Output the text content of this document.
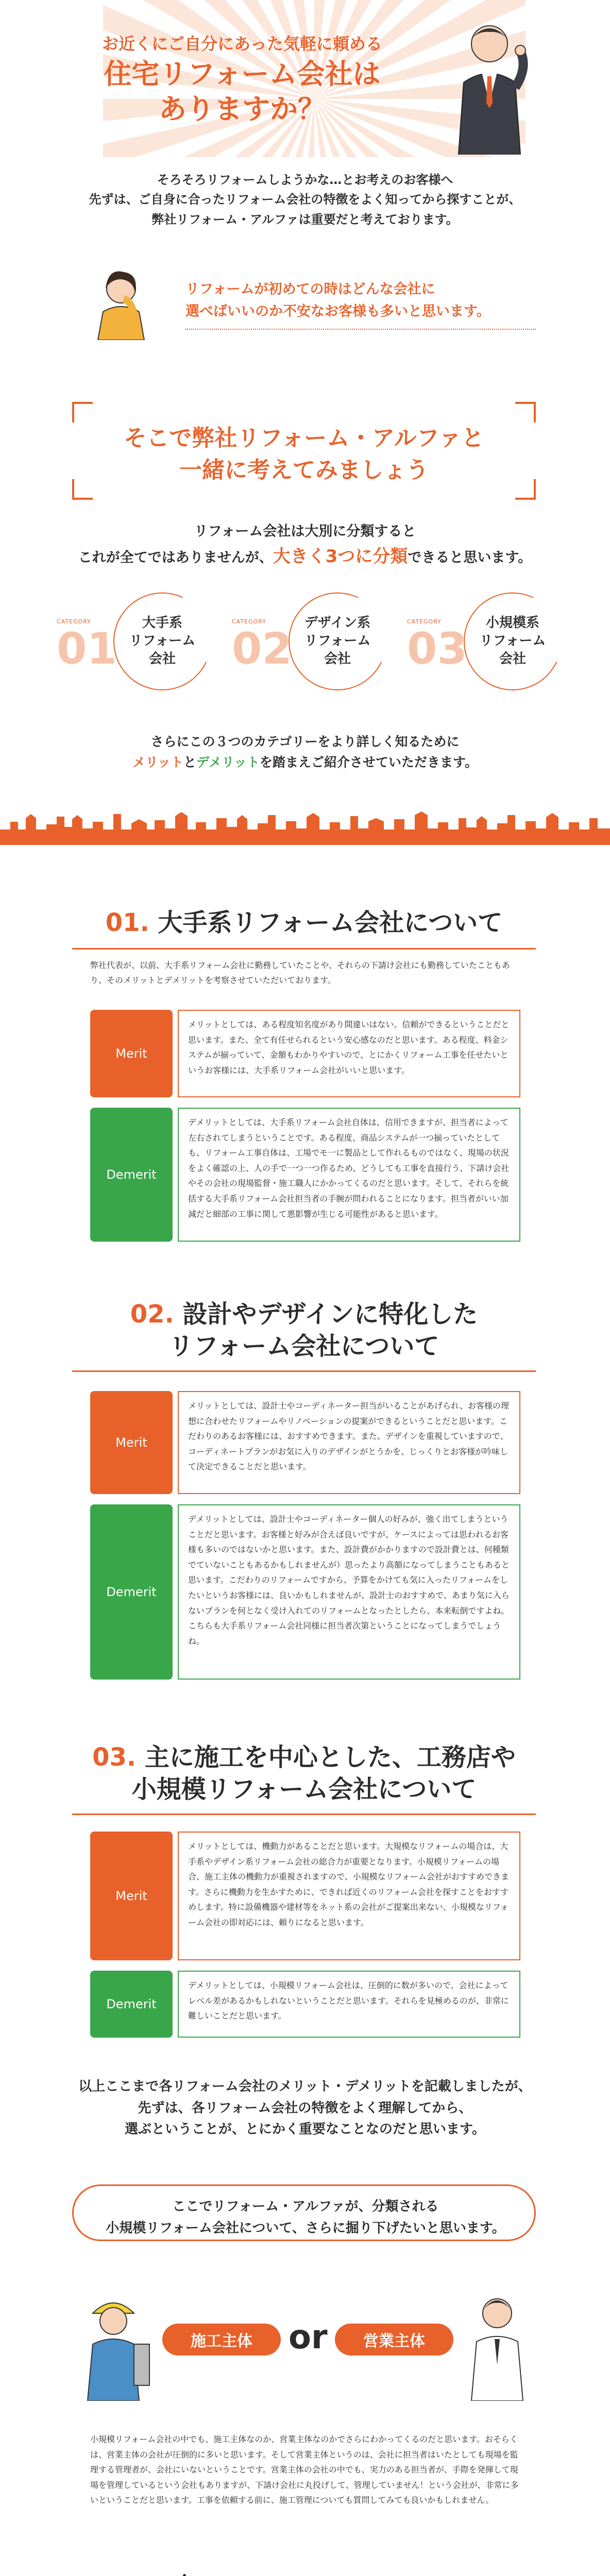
お近くにご自分にあった気軽に頼める
住宅リフォーム会社は
ありますか？
そろそろリフォームしようかな…とお考えのお客様へ
先ずは、ご自身に合ったリフォーム会社の特徴をよく知ってから探すことが、
弊社リフォーム・アルファは重要だと考えております。
リフォームが初めての時はどんな会社に
選べばいいのか不安なお客様も多いと思います。
そこで弊社リフォーム・アルファと
一緒に考えてみましょう
リフォーム会社は大別に分類すると
これが全てではありませんが、大きく3つに分類できると思います。
CATEGORY
01
大手系
リフォーム
会社
CATEGORY
02
デザイン系
リフォーム
会社
CATEGORY
03
小規模系
リフォーム
会社
さらにこの３つのカテゴリーをより詳しく知るために
メリットとデメリットを踏まえご紹介させていただきます。
01. 大手系リフォーム会社について
弊社代表が、以前、大手系リフォーム会社に勤務していたことや、それらの下請け会社にも勤務していたこともあり、そのメリットとデメリットを考察させていただいております。
Merit
メリットとしては、ある程度知名度があり間違いはない。信頼ができるということだと思います。また、全て有任せられるという安心感なのだと思います。ある程度、料金システムが揃っていて、金額もわかりやすいので、とにかくリフォーム工事を任せたいというお客様には、大手系リフォーム会社がいいと思います。
Demerit
デメリットとしては、大手系リフォーム会社自体は、信用できますが、担当者によって左右されてしまうということです。ある程度、商品システムが一つ揃っていたとしても、リフォーム工事自体は、工場でモ一に製品として作れるものではなく、現場の状況をよく確認の上、人の手で一つ一つ作るため、どうしても工事を直接行う、下請け会社やその会社の現場監督・施工職人にかかってくるのだと思います。そして、それらを統括する大手系リフォーム会社担当者の手腕が問われることになります。担当者がいい加減だと細部の工事に関して悪影響が生じる可能性があると思います。
02. 設計やデザインに特化した
リフォーム会社について
Merit
メリットとしては、設計士やコーディネーター担当がいることがあげられ、お客様の理想に合わせたリフォームやリノベーションの提案ができるということだと思います。こだわりのあるお客様には、おすすめできます。また、デザインを重視していますので、コーディネートプランがお気に入りのデザインがとうかを、じっくりとお客様が吟味して決定できることだと思います。
Demerit
デメリットとしては、設計士やコーディネーター個人の好みが、強く出てしまうということだと思います。お客様と好みが合えば良いですが、ケースによっては思われるお客様も多いのではないかと思います。また、設計費がかかりますので設計費とは、何種類でていないこともあるかもしれませんが）思ったより高額になってしまうこともあると思います。こだわりのリフォームですから、予算をかけても気に入ったリフォームをしたいというお客様には、良いかもしれませんが、設計士のおすすめで、あまり気に入らないプランを何となく受け入れてのリフォームとなったとしたら、本来転倒ですよね。こちらも大手系リフォーム会社同様に担当者次第ということになってしまうでしょうね。
03. 主に施工を中心とした、工務店や
小規模リフォーム会社について
Merit
メリットとしては、機動力があることだと思います。大規模なリフォームの場合は、大手系やデザイン系リフォーム会社の総合力が重要となります。小規模リフォームの場合、施工主体の機動力が重視されますので、小規模なリフォーム会社がおすすめできます。さらに機動力を生かすために、できれば近くのリフォーム会社を探すことをおすすめします。特に設備機器や建材等をネット系の会社がご提案出来ない、小規模なリフォーム会社の即対応には、頼りになると思います。
Demerit
デメリットとしては、小規模リフォーム会社は、圧倒的に数が多いので、会社によってレベル差があるかもしれないということだと思います。それらを見極めるのが、非常に難しいことだと思います。
以上ここまで各リフォーム会社のメリット・デメリットを記載しましたが、
先ずは、各リフォーム会社の特徴をよく理解してから、
選ぶということが、とにかく重要なことなのだと思います。
ここでリフォーム・アルファが、分類される
小規模リフォーム会社について、さらに掘り下げたいと思います。
施工主体	or	営業主体
小規模リフォーム会社の中でも、施工主体なのか、営業主体なのかでさらにわかってくるのだと思います。おそらくは、営業主体の会社が圧倒的に多いと思います。そして営業主体というのは、会社に担当者はいたとしても現場を監理する管理者が、会社にいないということです。営業主体の会社の中でも、実力のある担当者が、手際を発揮して現場を管理しているという会社もありますが、下請け会社に丸投げして、管理していません！という会社が、非常に多いということだと思います。工事を依頼する前に、施工管理についても質問してみても良いかもしれません。
